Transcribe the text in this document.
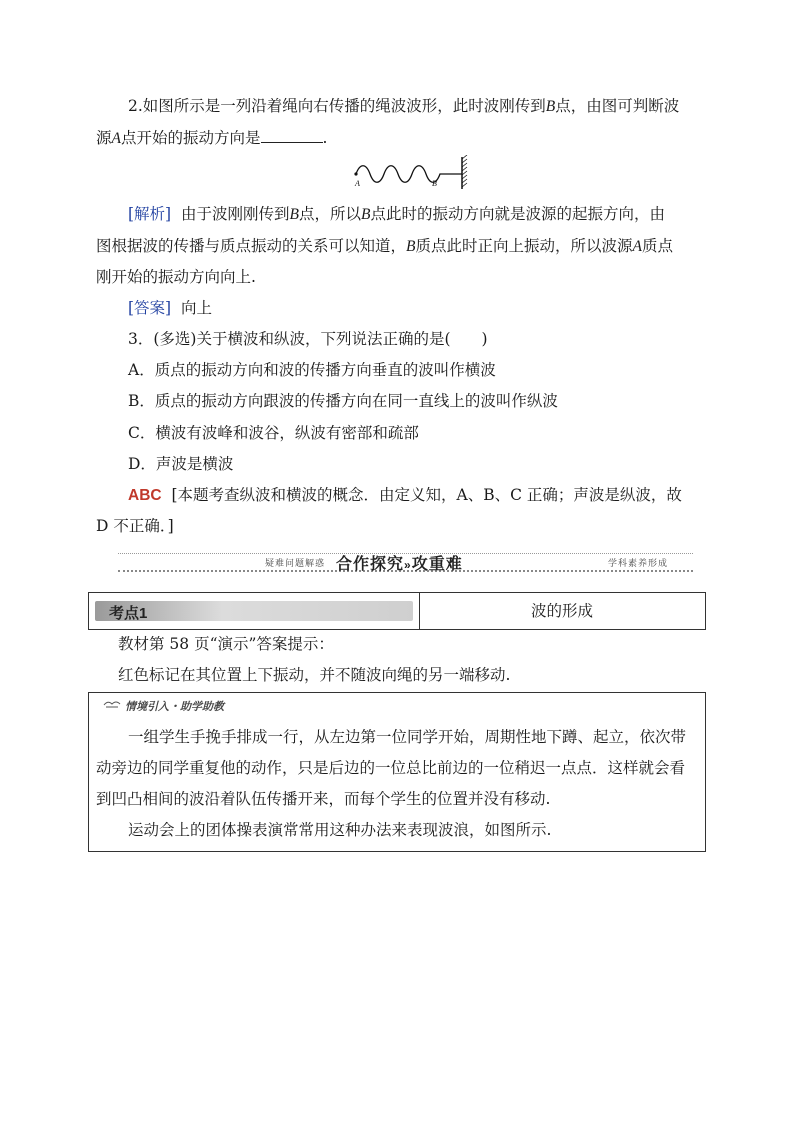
2.如图所示是一列沿着绳向右传播的绳波波形，此时波刚传到B点，由图可判断波
源A点开始的振动方向是	.
A	B
[解析] 由于波刚刚传到B点，所以B点此时的振动方向就是波源的起振方向，由
图根据波的传播与质点振动的关系可以知道，B质点此时正向上振动，所以波源A质点
刚开始的振动方向向上.
[答案] 向上
3．(多选)关于横波和纵波，下列说法正确的是(　　)
A．质点的振动方向和波的传播方向垂直的波叫作横波
B．质点的振动方向跟波的传播方向在同一直线上的波叫作纵波
C．横波有波峰和波谷，纵波有密部和疏部
D．声波是横波
ABC [本题考查纵波和横波的概念．由定义知，A、B、C 正确；声波是纵波，故
D 不正确．]
疑难问题解惑 合作探究»攻重难	学科素养形成
考点1	波的形成
教材第 58 页“演示”答案提示：
红色标记在其位置上下振动，并不随波向绳的另一端移动.
情境引入・助学助教
一组学生手挽手排成一行，从左边第一位同学开始，周期性地下蹲、起立，依次带
动旁边的同学重复他的动作，只是后边的一位总比前边的一位稍迟一点点．这样就会看
到凹凸相间的波沿着队伍传播开来，而每个学生的位置并没有移动.
运动会上的团体操表演常常用这种办法来表现波浪，如图所示.
